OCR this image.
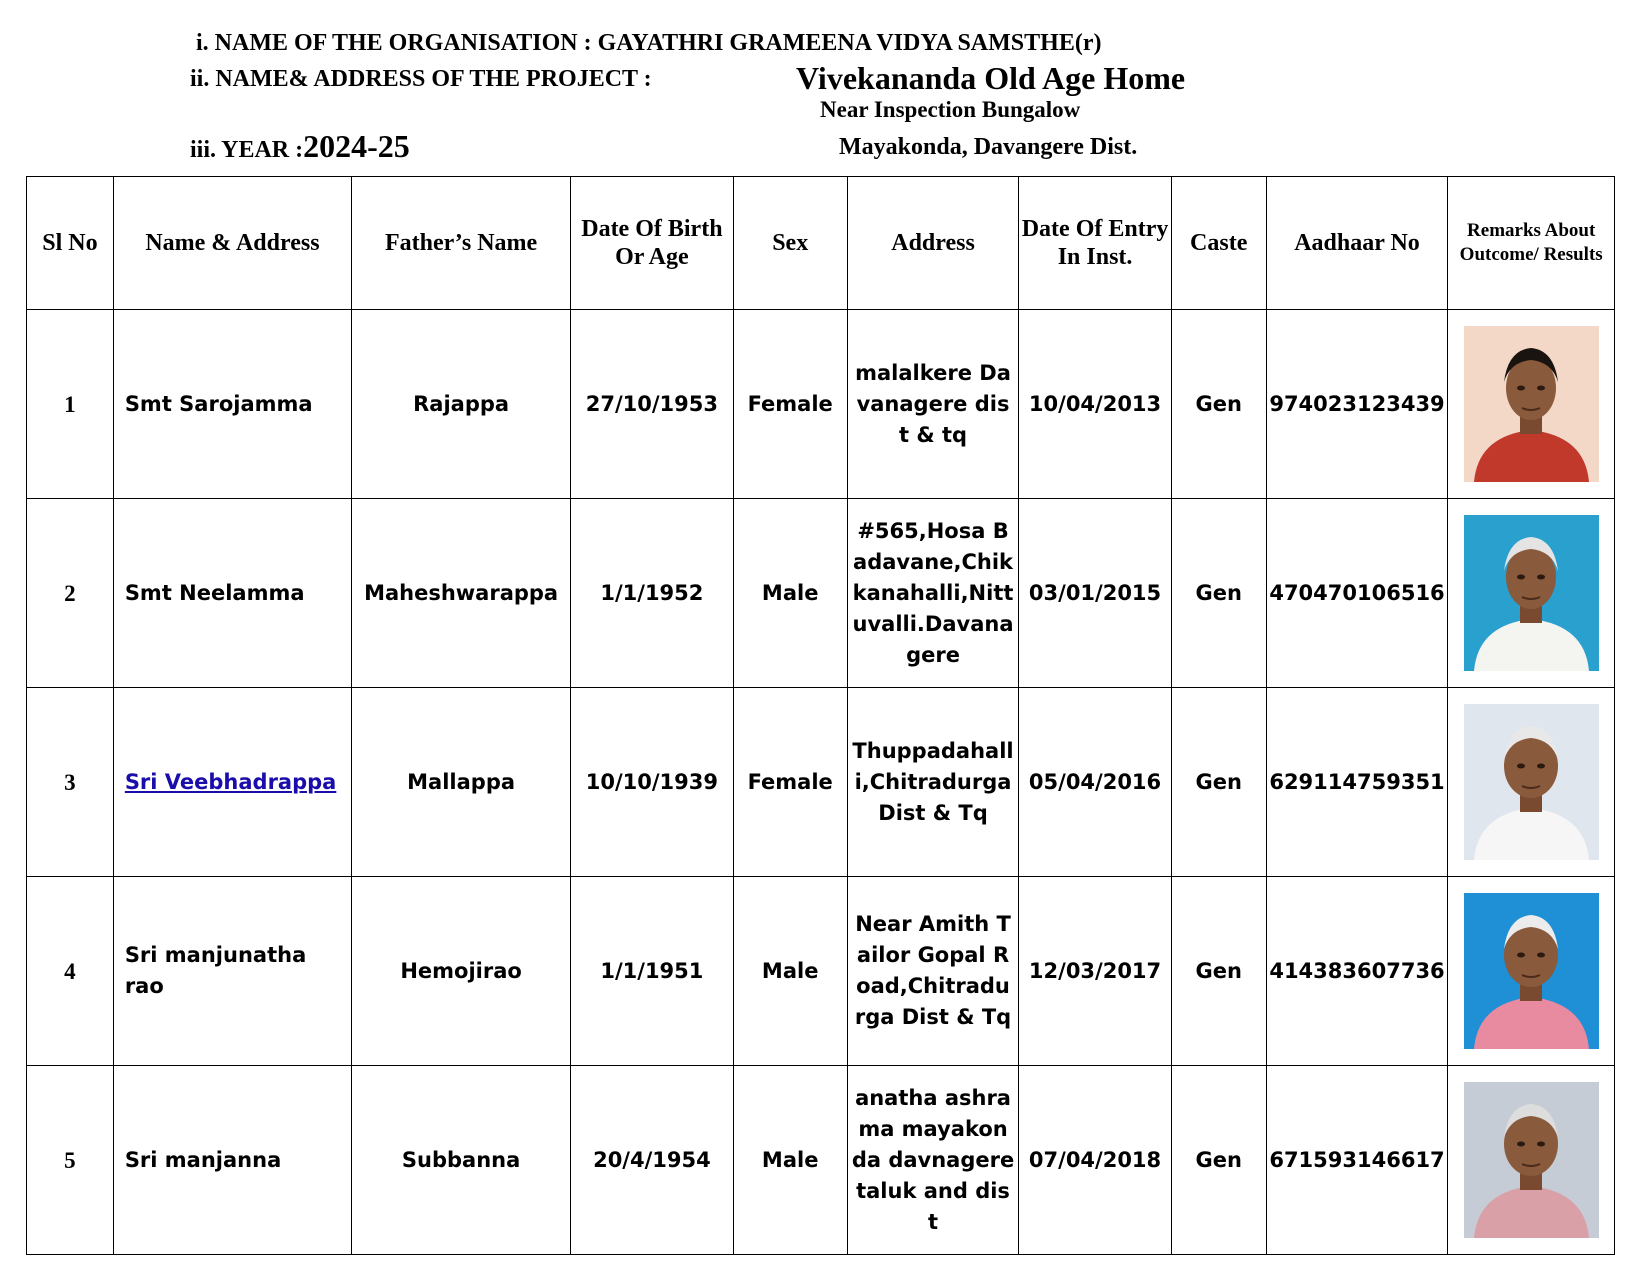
i. NAME OF THE ORGANISATION : GAYATHRI GRAMEENA VIDYA SAMSTHE(r)
ii. NAME& ADDRESS OF THE PROJECT :	Vivekananda Old Age Home
Near Inspection Bungalow
iii. YEAR :2024-25	Mayakonda, Davangere Dist.
Sl No	Name & Address	Father’s Name	Date Of Birth Or Age	Sex	Address	Date Of Entry In Inst.	Caste	Aadhaar No	Remarks About Outcome/ Results
1	Smt Sarojamma	Rajappa	27/10/1953	Female	malalkere Davanagere dist & tq	10/04/2013	Gen	974023123439	

2	Smt Neelamma	Maheshwarappa	1/1/1952	Male	#565,Hosa Badavane,Chikkanahalli,Nittuvalli.Davanagere	03/01/2015	Gen	470470106516	

3	Sri Veebhadrappa	Mallappa	10/10/1939	Female	Thuppadahalli,Chitradurga Dist & Tq	05/04/2016	Gen	629114759351	

4	Sri manjunatha rao	Hemojirao	1/1/1951	Male	Near Amith Tailor Gopal Road,Chitradurga Dist & Tq	12/03/2017	Gen	414383607736	

5	Sri manjanna	Subbanna	20/4/1954	Male	anatha ashrama mayakonda davnagere taluk and dist	07/04/2018	Gen	671593146617	
